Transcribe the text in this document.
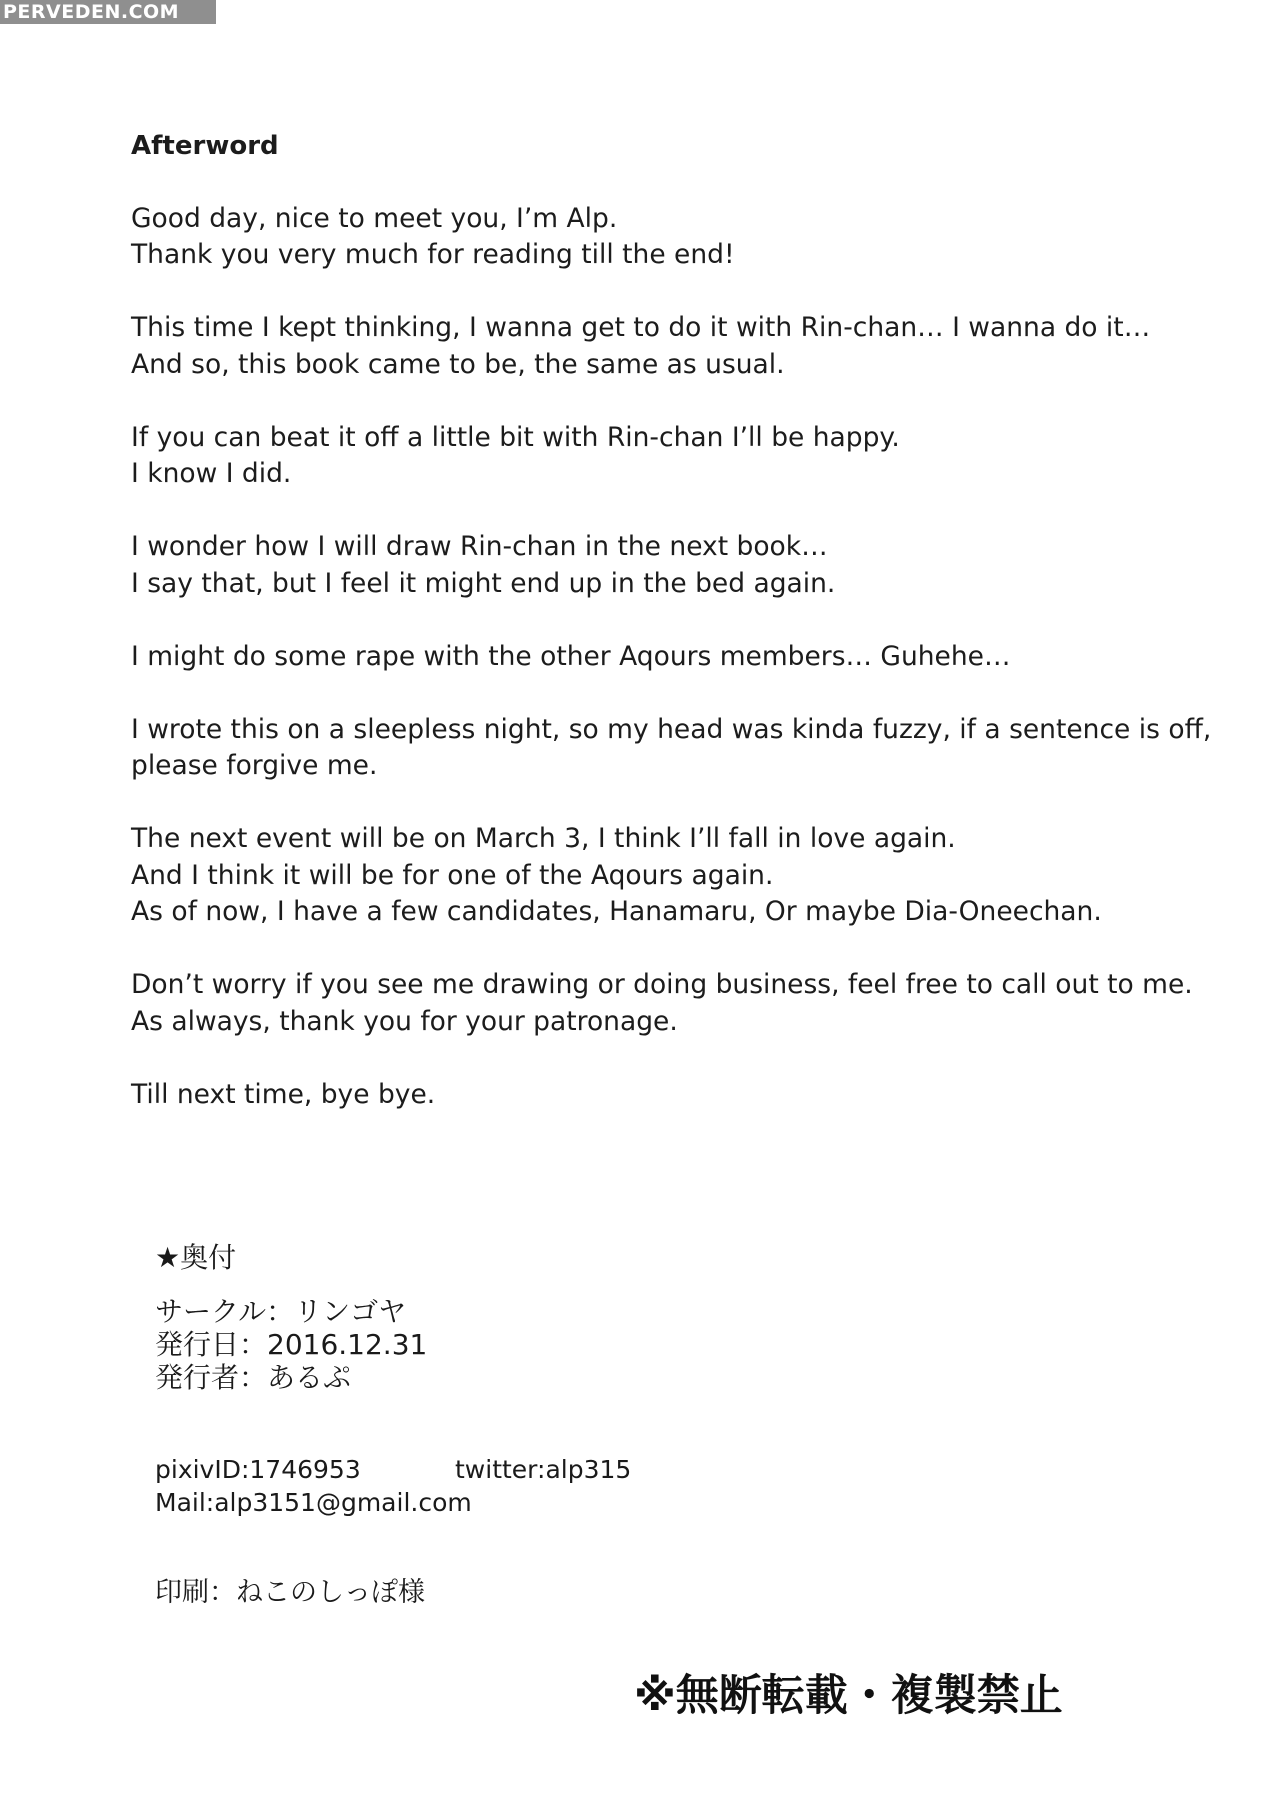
PERVEDEN.COM
Afterword
Good day, nice to meet you, I’m Alp.
Thank you very much for reading till the end!
This time I kept thinking, I wanna get to do it with Rin-chan… I wanna do it…
And so, this book came to be, the same as usual.
If you can beat it off a little bit with Rin-chan I’ll be happy.
I know I did.
I wonder how I will draw Rin-chan in the next book…
I say that, but I feel it might end up in the bed again.
I might do some rape with the other Aqours members… Guhehe…
I wrote this on a sleepless night, so my head was kinda fuzzy, if a sentence is off,
please forgive me.
The next event will be on March 3, I think I’ll fall in love again.
And I think it will be for one of the Aqours again.
As of now, I have a few candidates, Hanamaru, Or maybe Dia-Oneechan.
Don’t worry if you see me drawing or doing business, feel free to call out to me.
As always, thank you for your patronage.
Till next time, bye bye.
★奥付
サークル：リンゴヤ
発行日：2016.12.31
発行者：あるぷ
pixivID:1746953	twitter:alp315
Mail:alp3151@gmail.com
印刷：ねこのしっぽ様
※無断転載・複製禁止
